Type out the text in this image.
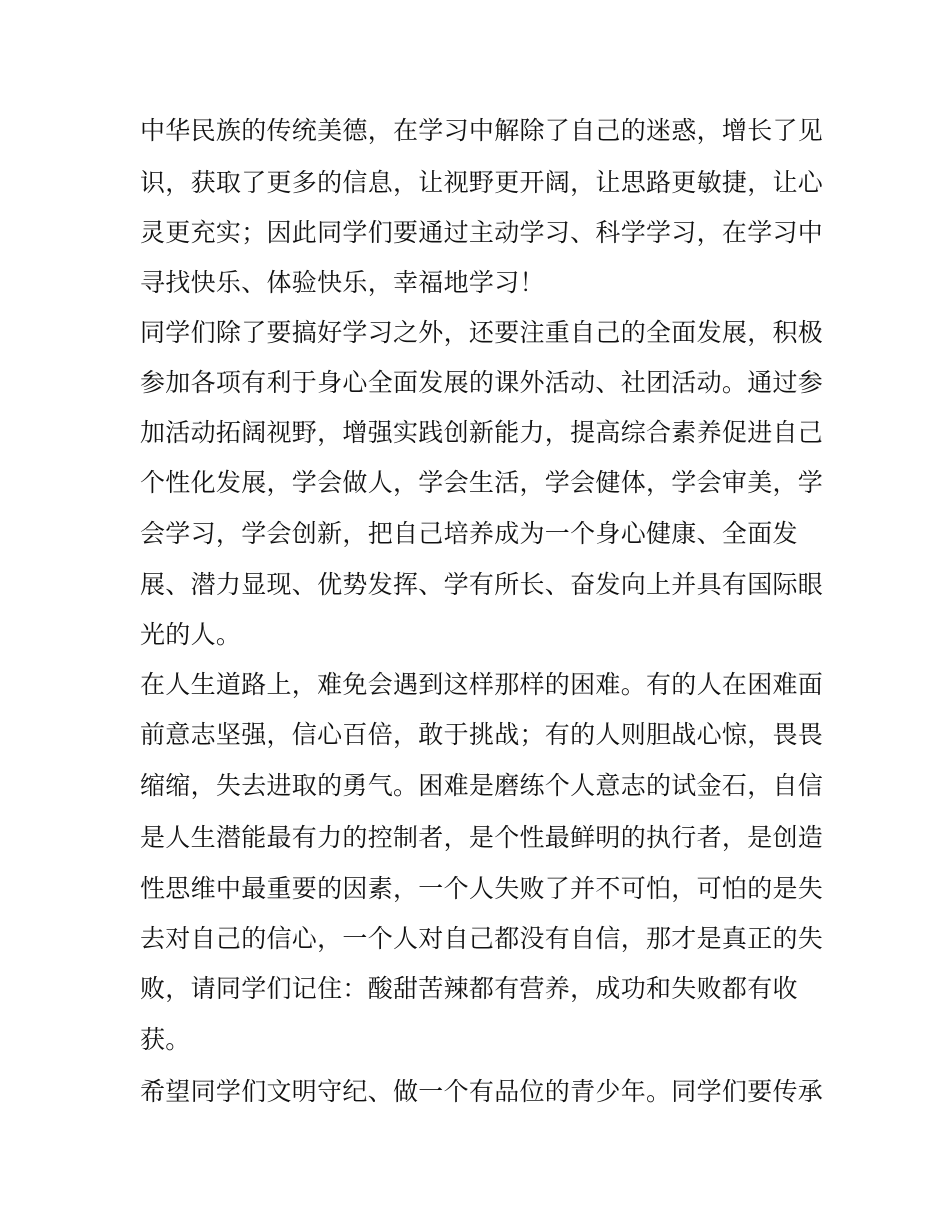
中华民族的传统美德，在学习中解除了自己的迷惑，增长了见
识，获取了更多的信息，让视野更开阔，让思路更敏捷，让心
灵更充实；因此同学们要通过主动学习、科学学习，在学习中
寻找快乐、体验快乐，幸福地学习！
同学们除了要搞好学习之外，还要注重自己的全面发展，积极
参加各项有利于身心全面发展的课外活动、社团活动。通过参
加活动拓阔视野，增强实践创新能力，提高综合素养促进自己
个性化发展，学会做人，学会生活，学会健体，学会审美，学
会学习，学会创新，把自己培养成为一个身心健康、全面发
展、潜力显现、优势发挥、学有所长、奋发向上并具有国际眼
光的人。
在人生道路上，难免会遇到这样那样的困难。有的人在困难面
前意志坚强，信心百倍，敢于挑战；有的人则胆战心惊，畏畏
缩缩，失去进取的勇气。困难是磨练个人意志的试金石，自信
是人生潜能最有力的控制者，是个性最鲜明的执行者，是创造
性思维中最重要的因素，一个人失败了并不可怕，可怕的是失
去对自己的信心，一个人对自己都没有自信，那才是真正的失
败，请同学们记住：酸甜苦辣都有营养，成功和失败都有收
获。
希望同学们文明守纪、做一个有品位的青少年。同学们要传承
